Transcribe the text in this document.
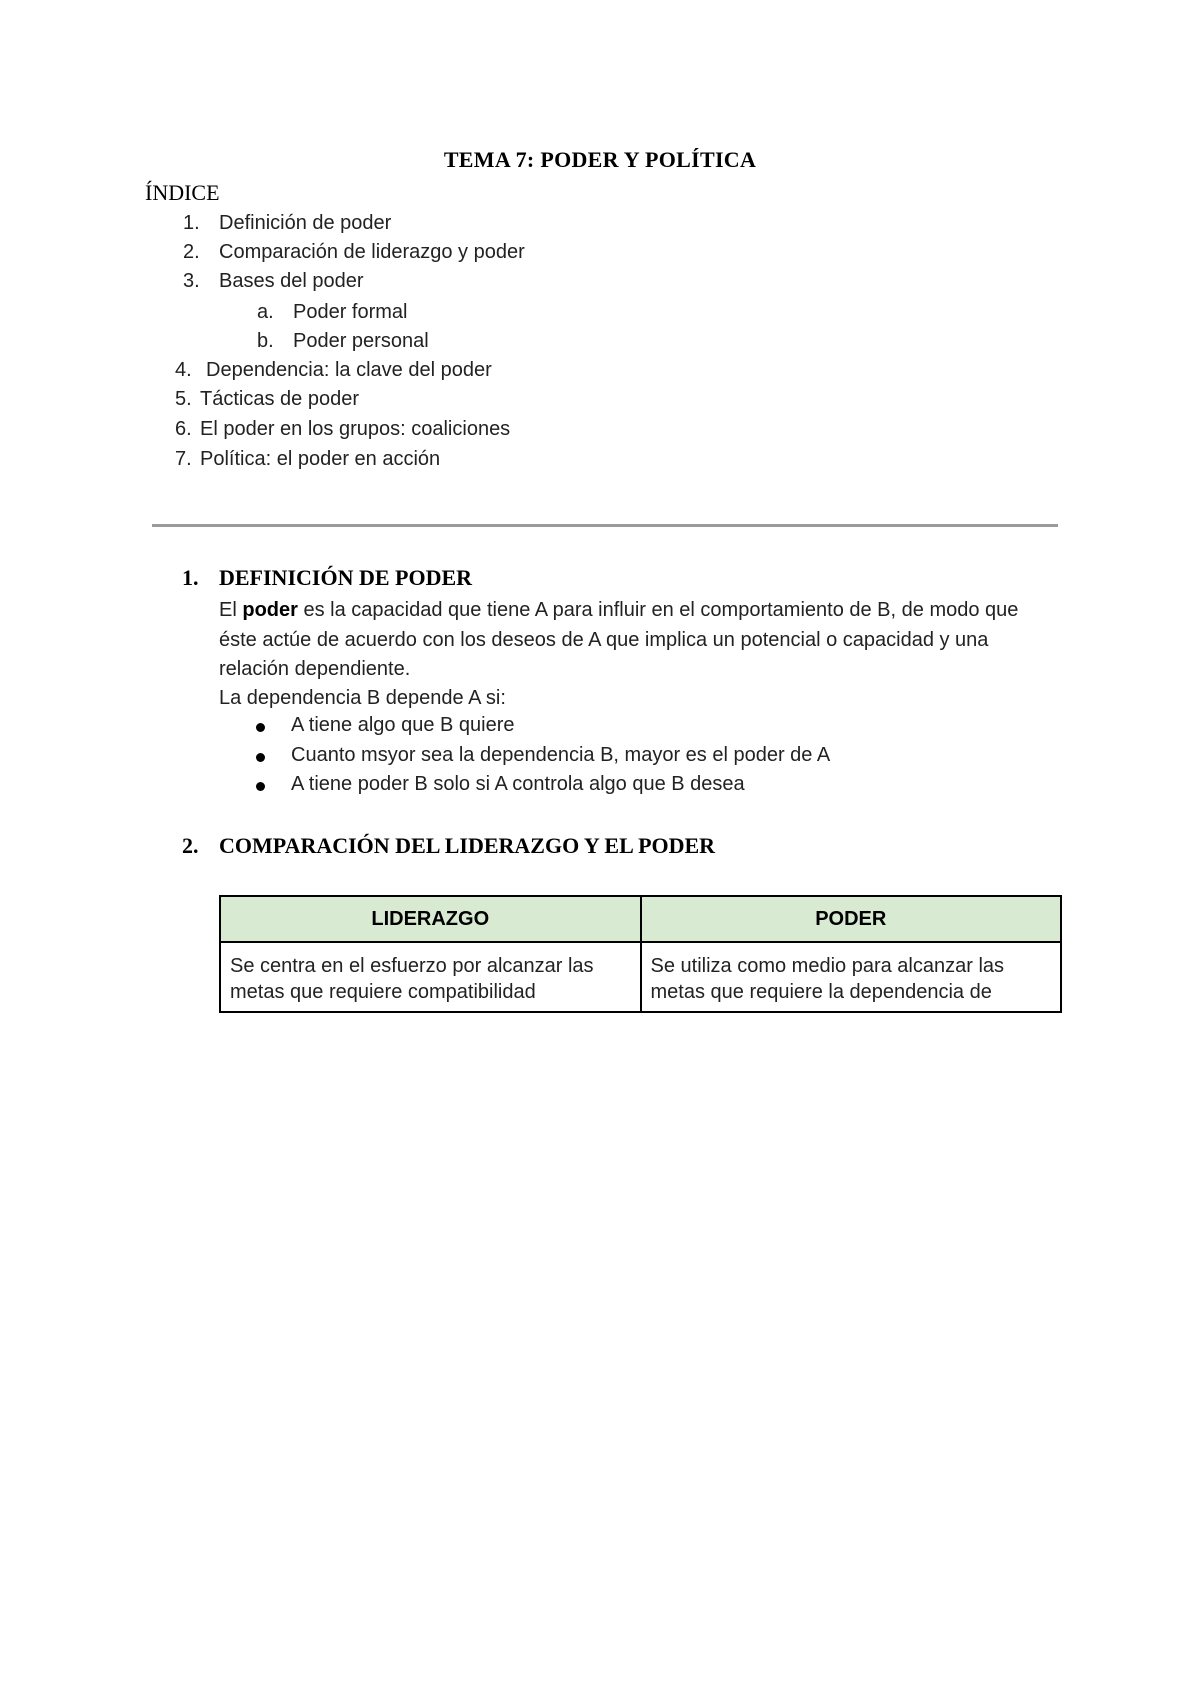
TEMA 7: PODER Y POLÍTICA
ÍNDICE
1. Definición de poder
2. Comparación de liderazgo y poder
3. Bases del poder
a. Poder formal
b. Poder personal
4. Dependencia: la clave del poder
5. Tácticas de poder
6. El poder en los grupos: coaliciones
7. Política: el poder en acción
1. DEFINICIÓN DE PODER
El poder es la capacidad que tiene A para influir en el comportamiento de B, de modo que éste actúe de acuerdo con los deseos de A que implica un potencial o capacidad y una relación dependiente.
La dependencia B depende A si:
A tiene algo que B quiere
Cuanto msyor sea la dependencia B, mayor es el poder de A
A tiene poder B solo si A controla algo que B desea
2. COMPARACIÓN DEL LIDERAZGO Y EL PODER
LIDERAZGO	PODER
Se centra en el esfuerzo por alcanzar las metas que requiere compatibilidad	Se utiliza como medio para alcanzar las metas que requiere la dependencia de
